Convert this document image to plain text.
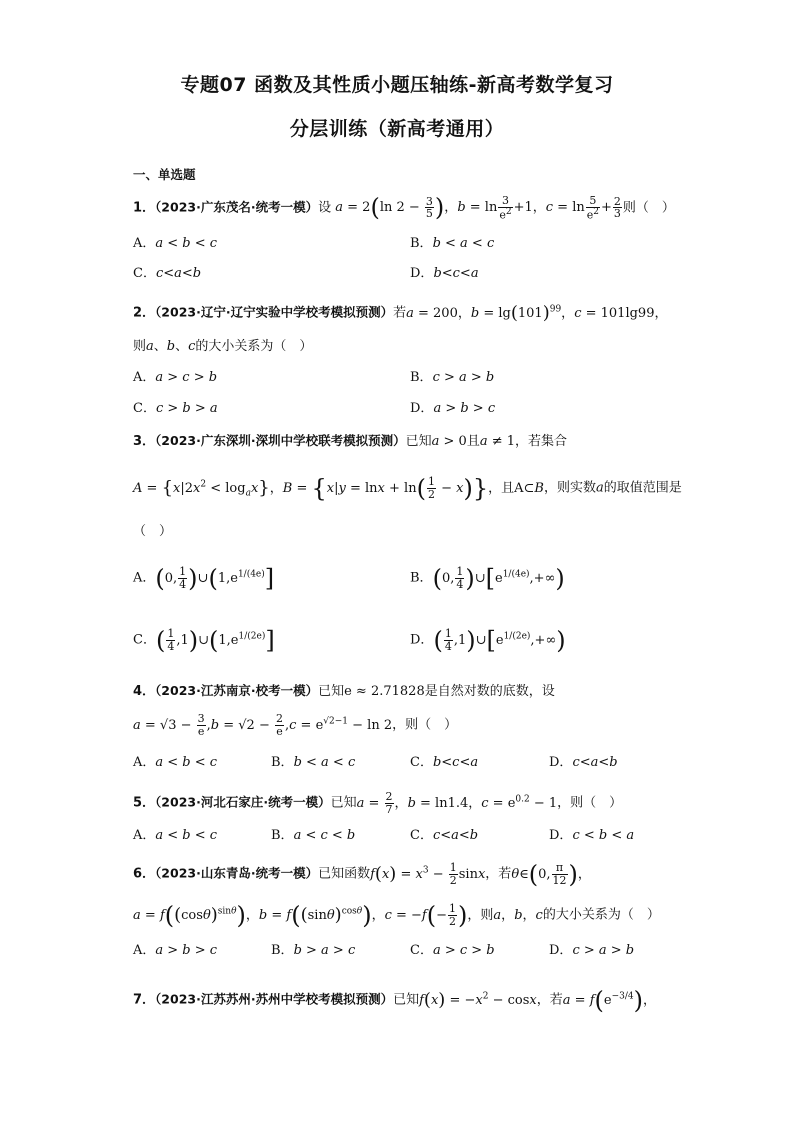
专题07 函数及其性质小题压轴练-新高考数学复习
分层训练（新高考通用）
一、单选题
1．（2023·广东茂名·统考一模）设 a = 2(ln $2 - \frac{3}{5}$ )，$b = \ln \frac{3}{e^2} +1$，$c = \ln \frac{5}{e^2} + \frac{2}{3}$ 则（　）
A．a < b < c	B．b < a < c
C．c<a<b	D．b<c<a
2．（2023·辽宁·辽宁实验中学校考模拟预测）若a = 200，$b = \lg(101)^{99}$，c = 101lg99，
则a、b、c的大小关系为（　）
A．a > c > b	B．c > a > b
C．c > b > a	D．a > b > c
3．（2023·广东深圳·深圳中学校联考模拟预测）已知a > 0且a ≠ 1，若集合
$A = \{x|2x^2 < \log_ax\}$，$B = \{x|y = \ln x + \ln( \frac{1}{2} - x)\}$，且A⊂B，则实数a的取值范围是
（　）
A．(0, $\frac{1}{4}$ )$\cup(1,e^{1/(4e)}]$	B．(0, $\frac{1}{4}$ )$\cup[e^{1/(4e)},+\infty)$
C．( $\frac{1}{4}$ $,1)\cup(1,e^{1/(2e)}]$	D．( $\frac{1}{4}$ $,1)\cup[e^{1/(2e)},+\infty)$
4．（2023·江苏南京·校考一模）已知e ≈ 2.71828是自然对数的底数，设
$a = √3 - \frac{3}{e} ,b = √2 - \frac{2}{e} ,c = e^{√2-1} - \ln 2$，则（　）
A．a < b < c	B．b < a < c	C．b<c<a	D．c<a<b
5．（2023·河北石家庄·统考一模）已知$a = \frac{2}{7}$ ，b = ln1.4，$c = e^{0.2} - 1$，则（　）
A．a < b < c	B．a < c < b	C．c<a<b	D．c < b < a
6．（2023·山东青岛·统考一模）已知函数$f(x) = x^3 - \frac{1}{2}$ sinx，若θ∈(0, $\frac{\pi}{12}$ )，
$a = f((\cos\theta)^{sin\theta})$，$b = f((\sin\theta)^{cos\theta})$，$c = -f(- \frac{1}{2}$ )，则a，b，c的大小关系为（　）
A．a > b > c	B．b > a > c	C．a > c > b	D．c > a > b
7．（2023·江苏苏州·苏州中学校考模拟预测）已知$f(x) = -x^2 - \cos x$，若$a = f(e^{-3/4})$，
